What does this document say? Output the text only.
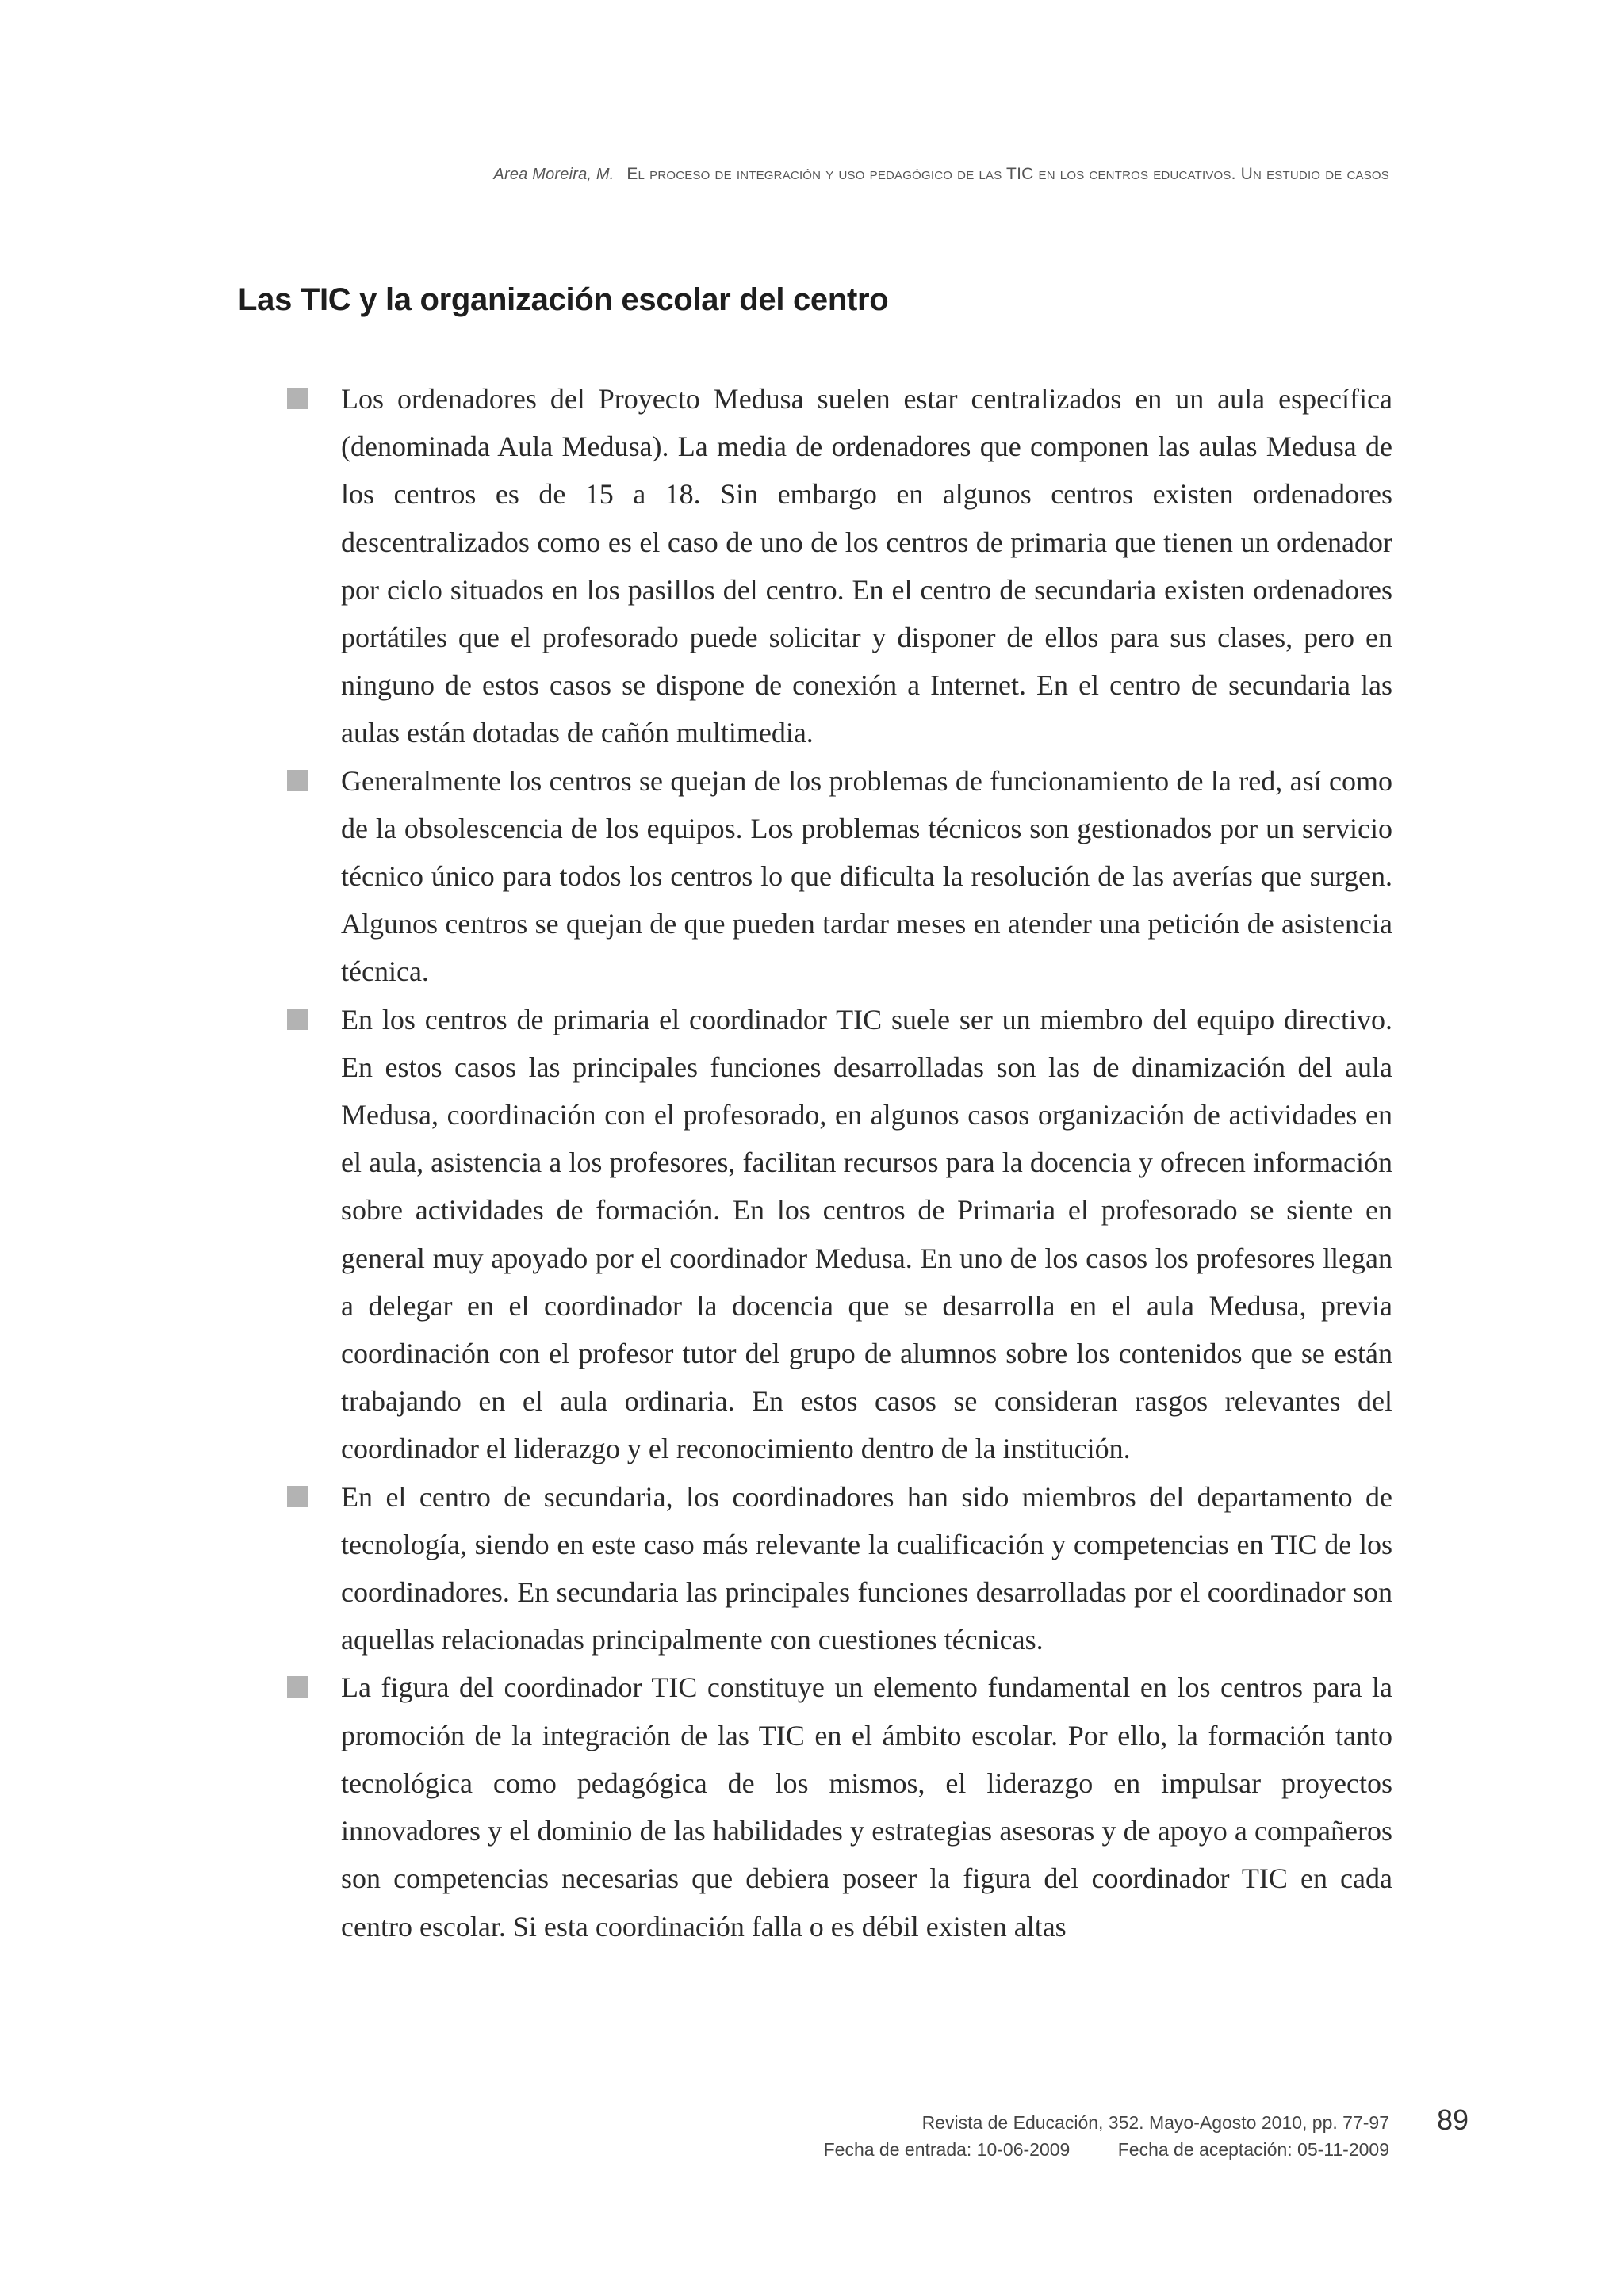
Area Moreira, M. El proceso de integración y uso pedagógico de las TIC en los centros educativos. Un estudio de casos
Las TIC y la organización escolar del centro
Los ordenadores del Proyecto Medusa suelen estar centralizados en un aula específica (denominada Aula Medusa). La media de ordenadores que componen las aulas Medusa de los centros es de 15 a 18. Sin embargo en algunos centros existen ordenadores descentralizados como es el caso de uno de los centros de primaria que tienen un ordenador por ciclo situados en los pasillos del centro. En el centro de secundaria existen ordenadores portátiles que el profesorado puede solicitar y disponer de ellos para sus clases, pero en ninguno de estos casos se dispone de conexión a Internet. En el centro de secundaria las aulas están dotadas de cañón multimedia.
Generalmente los centros se quejan de los problemas de funcionamiento de la red, así como de la obsolescencia de los equipos. Los problemas técnicos son gestionados por un servicio técnico único para todos los centros lo que dificulta la resolución de las averías que surgen. Algunos centros se quejan de que pueden tardar meses en atender una petición de asistencia técnica.
En los centros de primaria el coordinador TIC suele ser un miembro del equipo directivo. En estos casos las principales funciones desarrolladas son las de dinamización del aula Medusa, coordinación con el profesorado, en algunos casos organización de actividades en el aula, asistencia a los profesores, facilitan recursos para la docencia y ofrecen información sobre actividades de formación. En los centros de Primaria el profesorado se siente en general muy apoyado por el coordinador Medusa. En uno de los casos los profesores llegan a delegar en el coordinador la docencia que se desarrolla en el aula Medusa, previa coordinación con el profesor tutor del grupo de alumnos sobre los contenidos que se están trabajando en el aula ordinaria. En estos casos se consideran rasgos relevantes del coordinador el liderazgo y el reconocimiento dentro de la institución.
En el centro de secundaria, los coordinadores han sido miembros del departamento de tecnología, siendo en este caso más relevante la cualificación y competencias en TIC de los coordinadores. En secundaria las principales funciones desarrolladas por el coordinador son aquellas relacionadas principalmente con cuestiones técnicas.
La figura del coordinador TIC constituye un elemento fundamental en los centros para la promoción de la integración de las TIC en el ámbito escolar. Por ello, la formación tanto tecnológica como pedagógica de los mismos, el liderazgo en impulsar proyectos innovadores y el dominio de las habilidades y estrategias asesoras y de apoyo a compañeros son competencias necesarias que debiera poseer la figura del coordinador TIC en cada centro escolar. Si esta coordinación falla o es débil existen altas
Revista de Educación, 352. Mayo-Agosto 2010, pp. 77-97
Fecha de entrada: 10-06-2009	Fecha de aceptación: 05-11-2009
89
